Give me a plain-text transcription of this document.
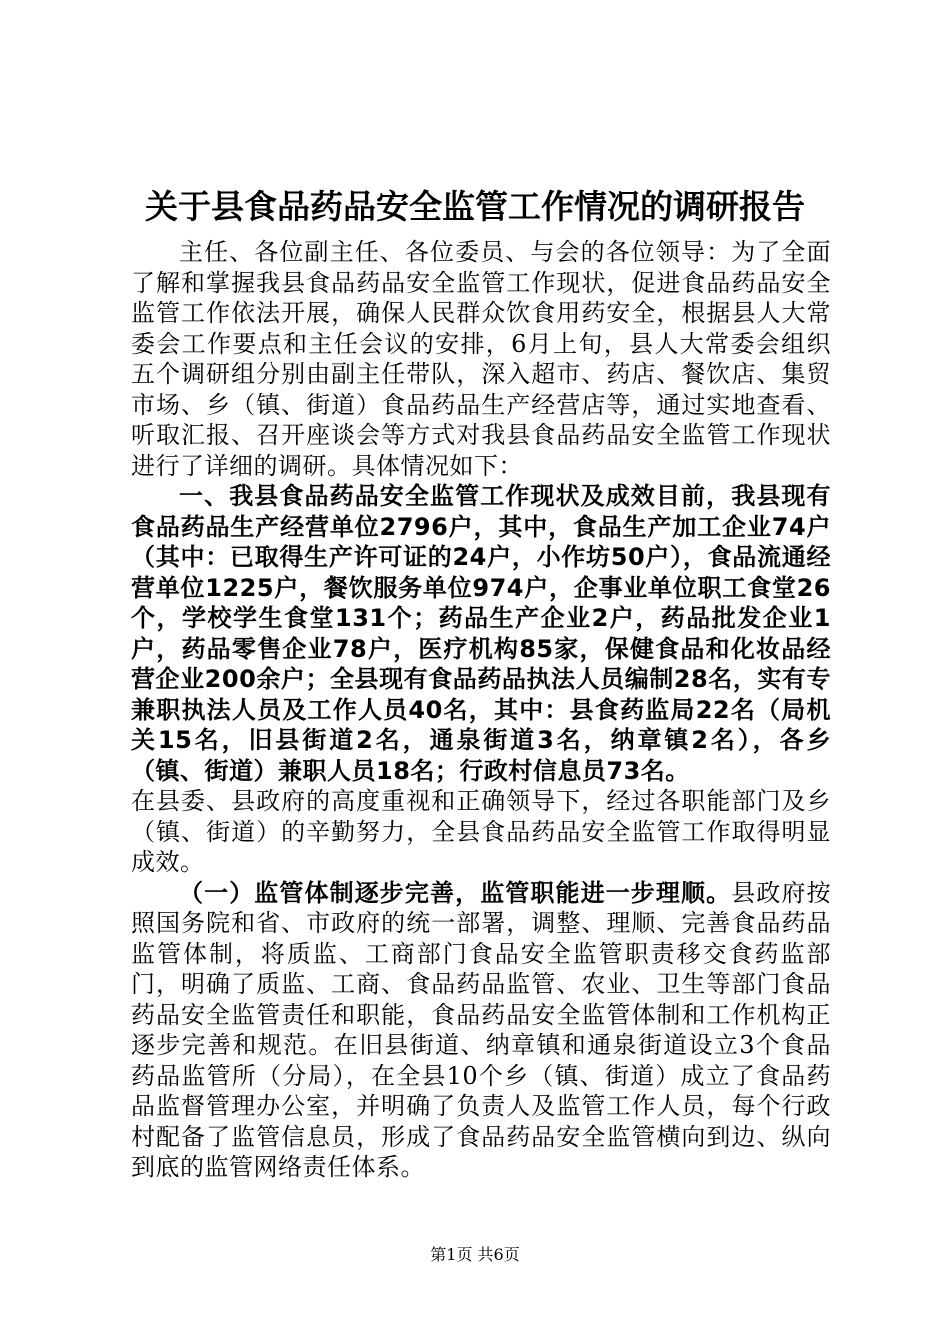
关于县食品药品安全监管工作情况的调研报告

主任、各位副主任、各位委员、与会的各位领导：为了全面了解和掌握我县食品药品安全监管工作现状，促进食品药品安全监管工作依法开展，确保人民群众饮食用药安全，根据县人大常委会工作要点和主任会议的安排，6月上旬，县人大常委会组织五个调研组分别由副主任带队，深入超市、药店、餐饮店、集贸市场、乡（镇、街道）食品药品生产经营店等，通过实地查看、听取汇报、召开座谈会等方式对我县食品药品安全监管工作现状进行了详细的调研。具体情况如下：

一、我县食品药品安全监管工作现状及成效目前，我县现有食品药品生产经营单位2796户，其中，食品生产加工企业74户（其中：已取得生产许可证的24户，小作坊50户），食品流通经营单位1225户，餐饮服务单位974户，企事业单位职工食堂26个，学校学生食堂131个；药品生产企业2户，药品批发企业1户，药品零售企业78户，医疗机构85家，保健食品和化妆品经营企业200余户；全县现有食品药品执法人员编制28名，实有专兼职执法人员及工作人员40名，其中：县食药监局22名（局机关15名，旧县街道2名，通泉街道3名，纳章镇2名），各乡（镇、街道）兼职人员18名；行政村信息员73名。

在县委、县政府的高度重视和正确领导下，经过各职能部门及乡（镇、街道）的辛勤努力，全县食品药品安全监管工作取得明显成效。

（一）监管体制逐步完善，监管职能进一步理顺。县政府按照国务院和省、市政府的统一部署，调整、理顺、完善食品药品监管体制，将质监、工商部门食品安全监管职责移交食药监部门，明确了质监、工商、食品药品监管、农业、卫生等部门食品药品安全监管责任和职能，食品药品安全监管体制和工作机构正逐步完善和规范。在旧县街道、纳章镇和通泉街道设立3个食品药品监管所（分局），在全县10个乡（镇、街道）成立了食品药品监督管理办公室，并明确了负责人及监管工作人员，每个行政村配备了监管信息员，形成了食品药品安全监管横向到边、纵向到底的监管网络责任体系。

第1页 共6页
